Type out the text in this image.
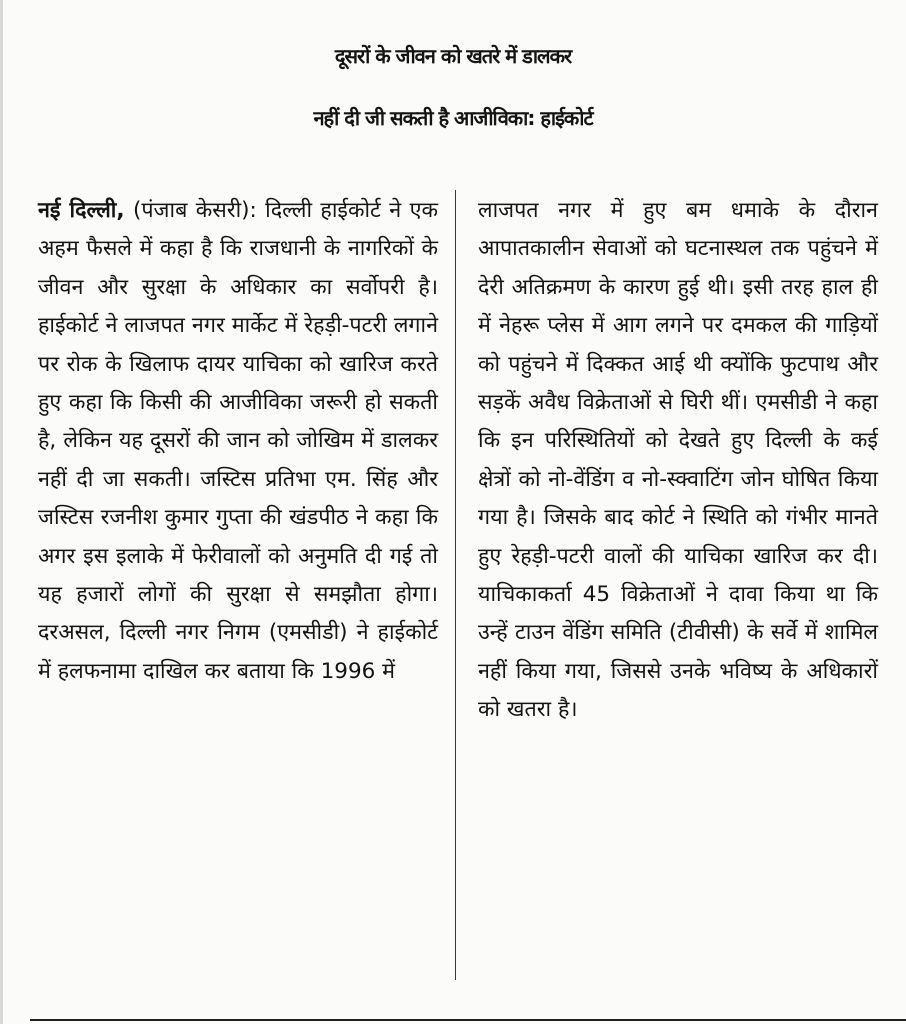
दूसरों के जीवन को खतरे में डालकर
नहीं दी जी सकती है आजीविका: हाईकोर्ट

नई दिल्ली, (पंजाब केसरी): दिल्ली हाईकोर्ट ने एक अहम फैसले में कहा है कि राजधानी के नागरिकों के जीवन और सुरक्षा के अधिकार का सर्वोपरी है। हाईकोर्ट ने लाजपत नगर मार्केट में रेहड़ी-पटरी लगाने पर रोक के खिलाफ दायर याचिका को खारिज करते हुए कहा कि किसी की आजीविका जरूरी हो सकती है, लेकिन यह दूसरों की जान को जोखिम में डालकर नहीं दी जा सकती। जस्टिस प्रतिभा एम. सिंह और जस्टिस रजनीश कुमार गुप्ता की खंडपीठ ने कहा कि अगर इस इलाके में फेरीवालों को अनुमति दी गई तो यह हजारों लोगों की सुरक्षा से समझौता होगा। दरअसल, दिल्ली नगर निगम (एमसीडी) ने हाईकोर्ट में हलफनामा दाखिल कर बताया कि 1996 में

लाजपत नगर में हुए बम धमाके के दौरान आपातकालीन सेवाओं को घटनास्थल तक पहुंचने में देरी अतिक्रमण के कारण हुई थी। इसी तरह हाल ही में नेहरू प्लेस में आग लगने पर दमकल की गाड़ियों को पहुंचने में दिक्कत आई थी क्योंकि फुटपाथ और सड़कें अवैध विक्रेताओं से घिरी थीं। एमसीडी ने कहा कि इन परिस्थितियों को देखते हुए दिल्ली के कई क्षेत्रों को नो-वेंडिंग व नो-स्क्वाटिंग जोन घोषित किया गया है। जिसके बाद कोर्ट ने स्थिति को गंभीर मानते हुए रेहड़ी-पटरी वालों की याचिका खारिज कर दी। याचिकाकर्ता 45 विक्रेताओं ने दावा किया था कि उन्हें टाउन वेंडिंग समिति (टीवीसी) के सर्वे में शामिल नहीं किया गया, जिससे उनके भविष्य के अधिकारों को खतरा है।
